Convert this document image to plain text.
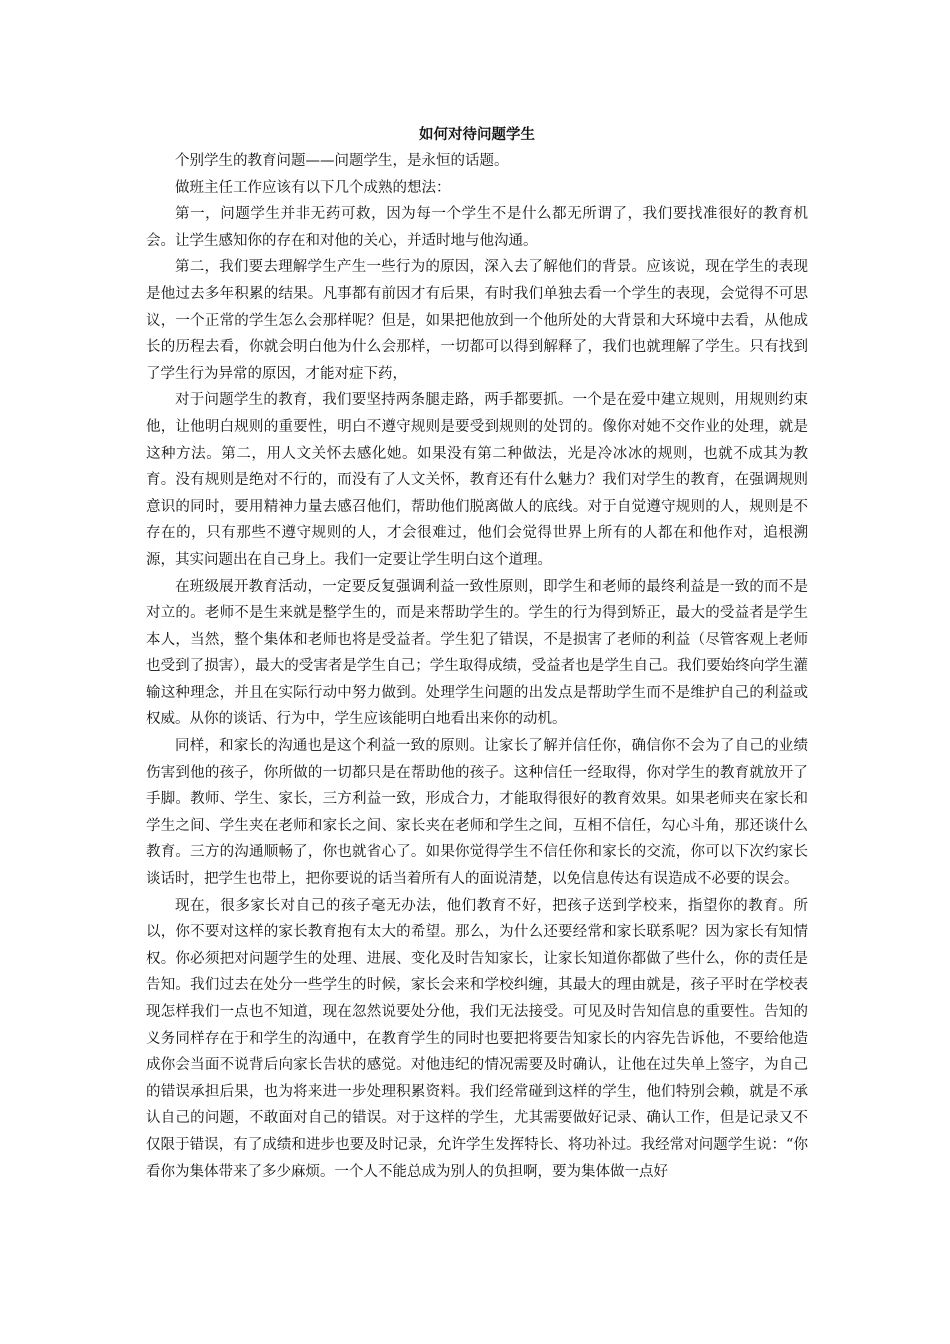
如何对待问题学生

个别学生的教育问题——问题学生，是永恒的话题。

做班主任工作应该有以下几个成熟的想法：

第一，问题学生并非无药可救，因为每一个学生不是什么都无所谓了，我们要找准很好的教育机会。让学生感知你的存在和对他的关心，并适时地与他沟通。

第二，我们要去理解学生产生一些行为的原因，深入去了解他们的背景。应该说，现在学生的表现是他过去多年积累的结果。凡事都有前因才有后果，有时我们单独去看一个学生的表现，会觉得不可思议，一个正常的学生怎么会那样呢？但是，如果把他放到一个他所处的大背景和大环境中去看，从他成长的历程去看，你就会明白他为什么会那样，一切都可以得到解释了，我们也就理解了学生。只有找到了学生行为异常的原因，才能对症下药，

对于问题学生的教育，我们要坚持两条腿走路，两手都要抓。一个是在爱中建立规则，用规则约束他，让他明白规则的重要性，明白不遵守规则是要受到规则的处罚的。像你对她不交作业的处理，就是这种方法。第二，用人文关怀去感化她。如果没有第二种做法，光是冷冰冰的规则，也就不成其为教育。没有规则是绝对不行的，而没有了人文关怀，教育还有什么魅力？我们对学生的教育，在强调规则意识的同时，要用精神力量去感召他们，帮助他们脱离做人的底线。对于自觉遵守规则的人，规则是不存在的，只有那些不遵守规则的人，才会很难过，他们会觉得世界上所有的人都在和他作对，追根溯源，其实问题出在自己身上。我们一定要让学生明白这个道理。

在班级展开教育活动，一定要反复强调利益一致性原则，即学生和老师的最终利益是一致的而不是对立的。老师不是生来就是整学生的，而是来帮助学生的。学生的行为得到矫正，最大的受益者是学生本人，当然，整个集体和老师也将是受益者。学生犯了错误，不是损害了老师的利益（尽管客观上老师也受到了损害），最大的受害者是学生自己；学生取得成绩，受益者也是学生自己。我们要始终向学生灌输这种理念，并且在实际行动中努力做到。处理学生问题的出发点是帮助学生而不是维护自己的利益或权威。从你的谈话、行为中，学生应该能明白地看出来你的动机。

同样，和家长的沟通也是这个利益一致的原则。让家长了解并信任你，确信你不会为了自己的业绩伤害到他的孩子，你所做的一切都只是在帮助他的孩子。这种信任一经取得，你对学生的教育就放开了手脚。教师、学生、家长，三方利益一致，形成合力，才能取得很好的教育效果。如果老师夹在家长和学生之间、学生夹在老师和家长之间、家长夹在老师和学生之间，互相不信任，勾心斗角，那还谈什么教育。三方的沟通顺畅了，你也就省心了。如果你觉得学生不信任你和家长的交流，你可以下次约家长谈话时，把学生也带上，把你要说的话当着所有人的面说清楚，以免信息传达有误造成不必要的误会。

现在，很多家长对自己的孩子毫无办法，他们教育不好，把孩子送到学校来，指望你的教育。所以，你不要对这样的家长教育抱有太大的希望。那么，为什么还要经常和家长联系呢？因为家长有知情权。你必须把对问题学生的处理、进展、变化及时告知家长，让家长知道你都做了些什么，你的责任是告知。我们过去在处分一些学生的时候，家长会来和学校纠缠，其最大的理由就是，孩子平时在学校表现怎样我们一点也不知道，现在忽然说要处分他，我们无法接受。可见及时告知信息的重要性。告知的义务同样存在于和学生的沟通中，在教育学生的同时也要把将要告知家长的内容先告诉他，不要给他造成你会当面不说背后向家长告状的感觉。对他违纪的情况需要及时确认，让他在过失单上签字，为自己的错误承担后果，也为将来进一步处理积累资料。我们经常碰到这样的学生，他们特别会赖，就是不承认自己的问题，不敢面对自己的错误。对于这样的学生，尤其需要做好记录、确认工作，但是记录又不仅限于错误，有了成绩和进步也要及时记录，允许学生发挥特长、将功补过。我经常对问题学生说：“你看你为集体带来了多少麻烦。一个人不能总成为别人的负担啊，要为集体做一点好
